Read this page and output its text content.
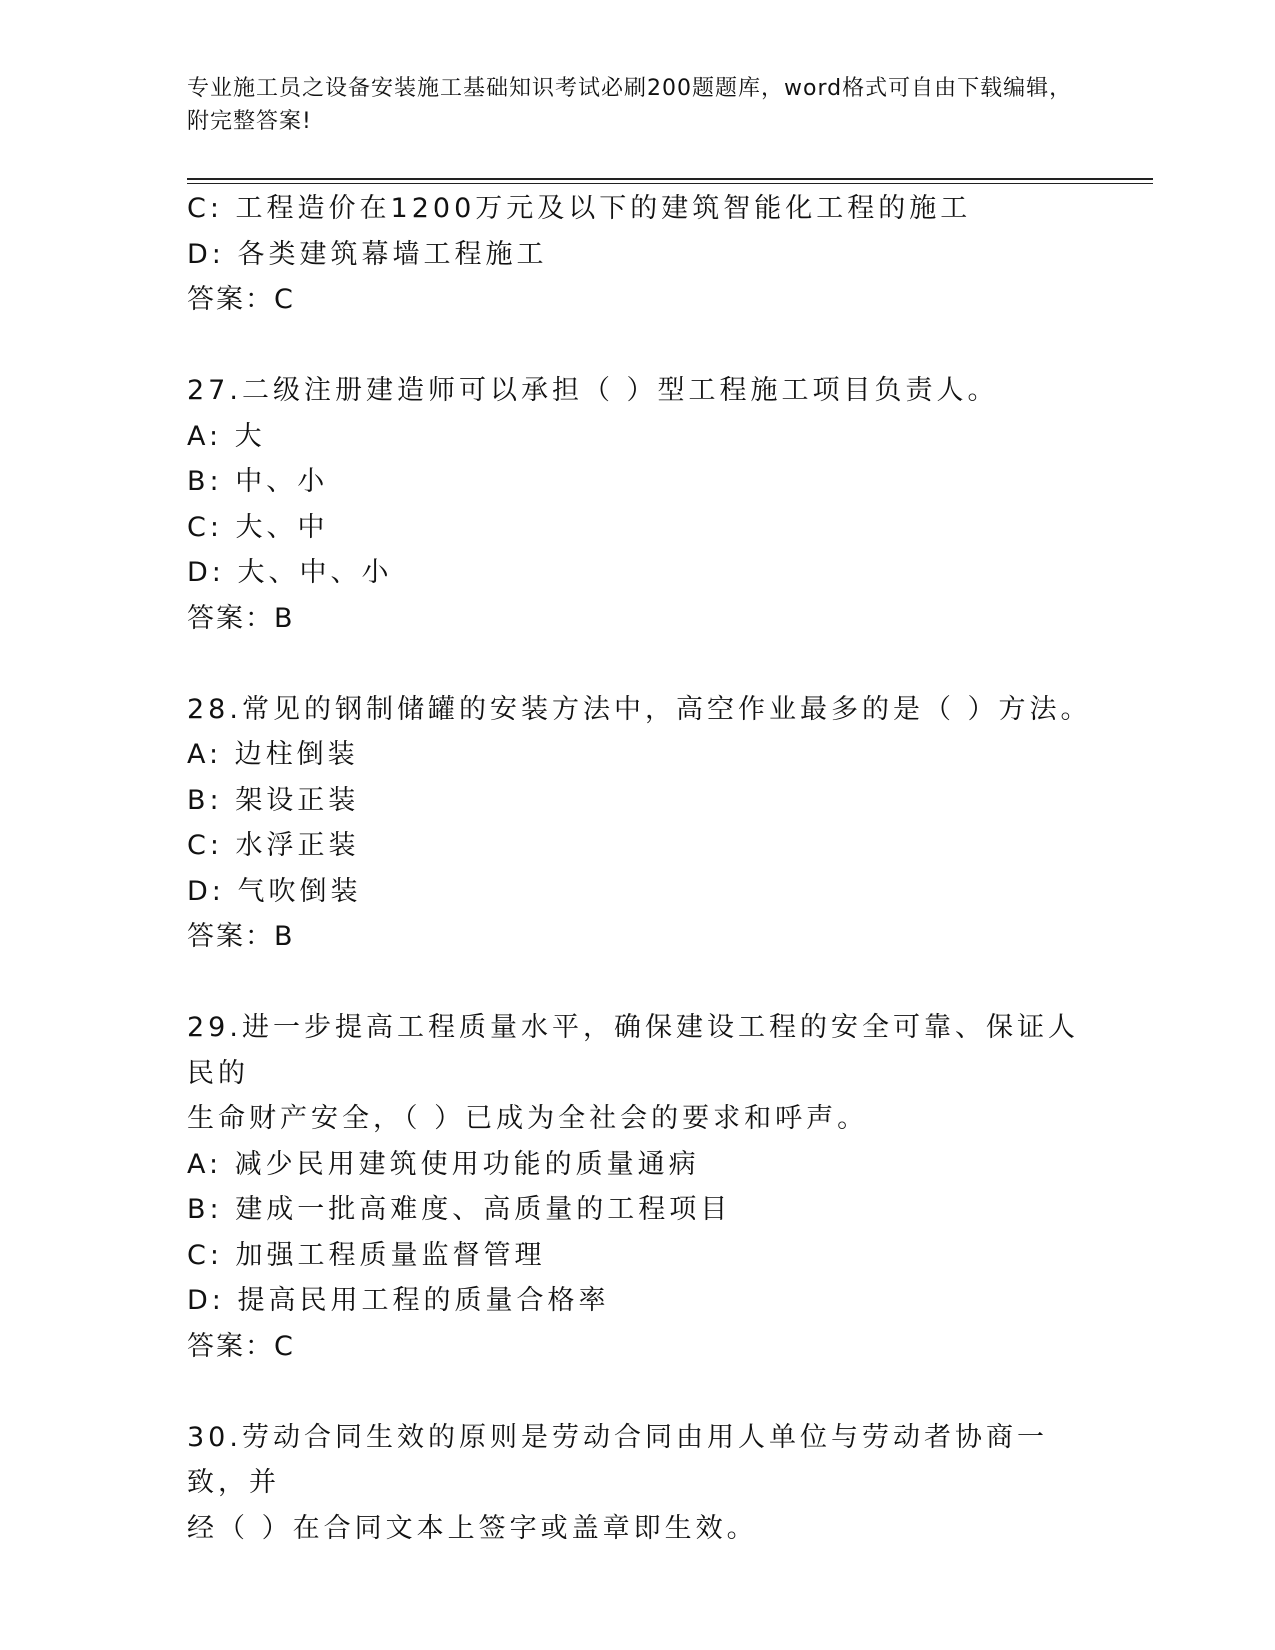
专业施工员之设备安装施工基础知识考试必刷200题题库，word格式可自由下载编辑，附完整答案!
C: 工程造价在1200万元及以下的建筑智能化工程的施工
D: 各类建筑幕墙工程施工
答案：C
27.二级注册建造师可以承担（ ）型工程施工项目负责人。
A: 大
B: 中、小
C: 大、中
D: 大、中、小
答案：B
28.常见的钢制储罐的安装方法中，高空作业最多的是（ ）方法。
A: 边柱倒装
B: 架设正装
C: 水浮正装
D: 气吹倒装
答案：B
29.进一步提高工程质量水平，确保建设工程的安全可靠、保证人民的
生命财产安全，（ ）已成为全社会的要求和呼声。
A: 减少民用建筑使用功能的质量通病
B: 建成一批高难度、高质量的工程项目
C: 加强工程质量监督管理
D: 提高民用工程的质量合格率
答案：C
30.劳动合同生效的原则是劳动合同由用人单位与劳动者协商一致，并
经（ ）在合同文本上签字或盖章即生效。
